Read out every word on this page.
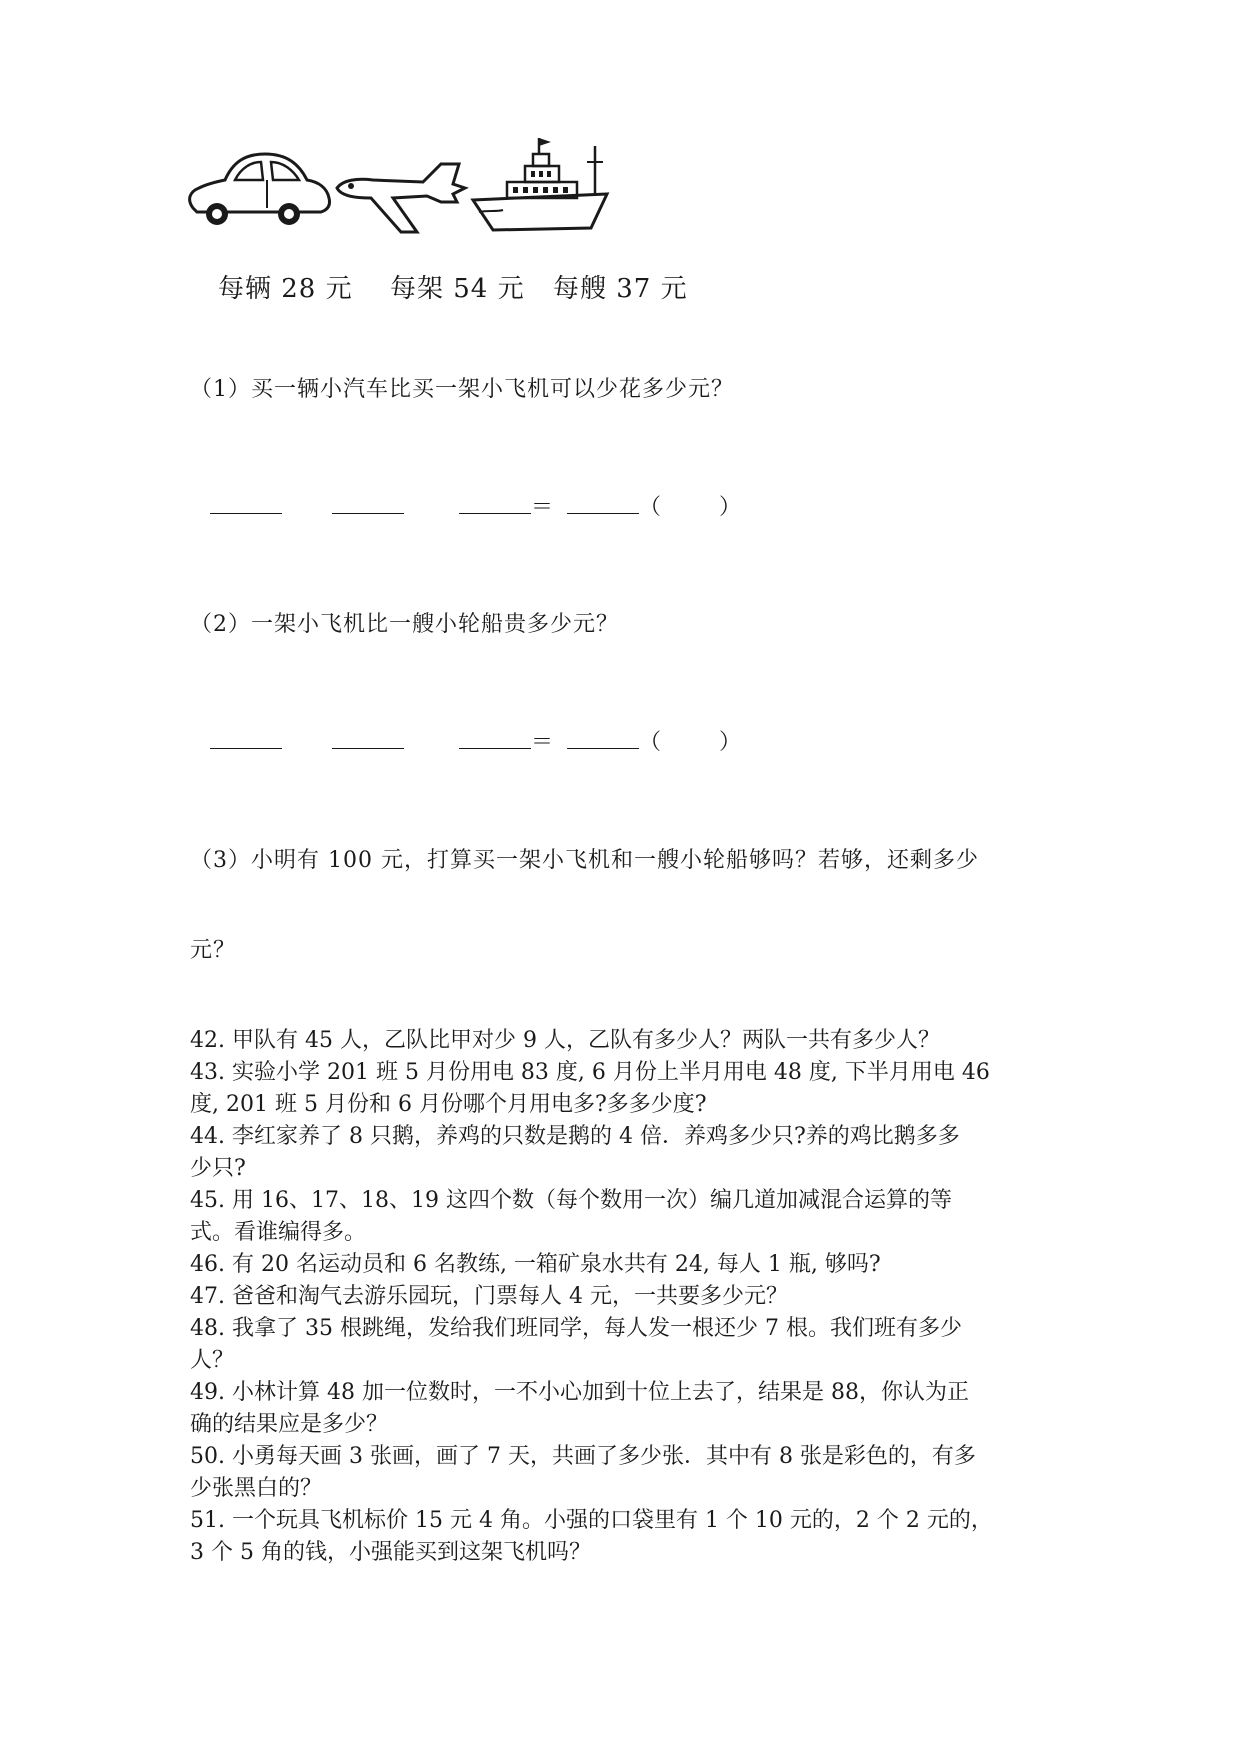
每辆 28 元 每架 54 元 每艘 37 元
（1）买一辆小汽车比买一架小飞机可以少花多少元？
＝	（	）
（2）一架小飞机比一艘小轮船贵多少元？
＝	（	）
（3）小明有 100 元，打算买一架小飞机和一艘小轮船够吗？若够，还剩多少
元？

42. 甲队有 45 人，乙队比甲对少 9 人，乙队有多少人？两队一共有多少人？

43. 实验小学 201 班 5 月份用电 83 度, 6 月份上半月用电 48 度, 下半月用电 46

度, 201 班 5 月份和 6 月份哪个月用电多?多多少度?

44. 李红家养了 8 只鹅，养鸡的只数是鹅的 4 倍．养鸡多少只?养的鸡比鹅多多

少只?

45. 用 16、17、18、19 这四个数（每个数用一次）编几道加减混合运算的等

式。看谁编得多。

46. 有 20 名运动员和 6 名教练, 一箱矿泉水共有 24, 每人 1 瓶, 够吗?

47. 爸爸和淘气去游乐园玩，门票每人 4 元，一共要多少元？

48. 我拿了 35 根跳绳，发给我们班同学，每人发一根还少 7 根。我们班有多少

人？

49. 小林计算 48 加一位数时，一不小心加到十位上去了，结果是 88，你认为正

确的结果应是多少？

50. 小勇每天画 3 张画，画了 7 天，共画了多少张．其中有 8 张是彩色的，有多

少张黑白的？

51. 一个玩具飞机标价 15 元 4 角。小强的口袋里有 1 个 10 元的，2 个 2 元的，

3 个 5 角的钱，小强能买到这架飞机吗？
